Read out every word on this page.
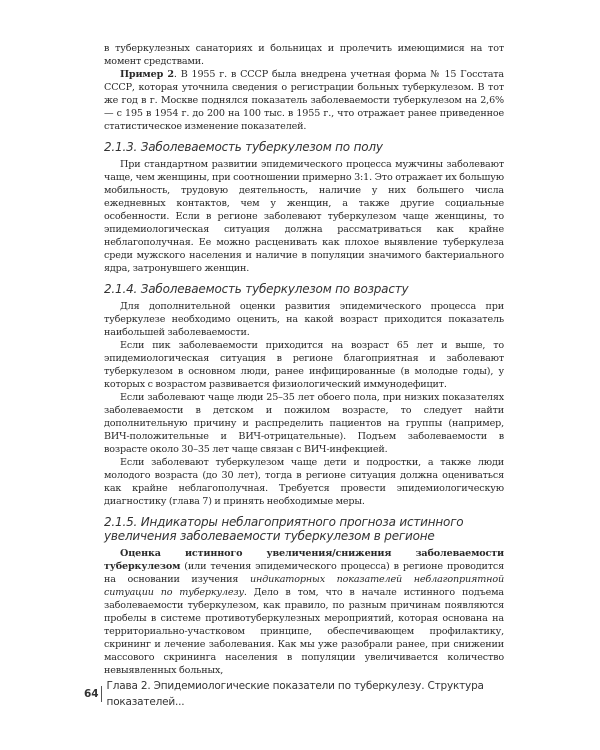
в туберкулезных санаториях и больницах и пролечить имеющимися на тот момент средствами.

Пример 2. В 1955 г. в СССР была внедрена учетная форма № 15 Госстата СССР, которая уточнила сведения о регистрации больных туберкулезом. В тот же год в г. Москве поднялся показатель заболеваемости туберкулезом на 2,6% — с 195 в 1954 г. до 200 на 100 тыс. в 1955 г., что отражает ранее приведенное статистическое изменение показателей.

2.1.3. Заболеваемость туберкулезом по полу

При стандартном развитии эпидемического процесса мужчины заболевают чаще, чем женщины, при соотношении примерно 3:1. Это отражает их большую мобильность, трудовую деятельность, наличие у них большего числа ежедневных контактов, чем у женщин, а также другие социальные особенности. Если в регионе заболевают туберкулезом чаще женщины, то эпидемиологическая ситуация должна рассматриваться как крайне неблагополучная. Ее можно расценивать как плохое выявление туберкулеза среди мужского населения и наличие в популяции значимого бактериального ядра, затронувшего женщин.

2.1.4. Заболеваемость туберкулезом по возрасту

Для дополнительной оценки развития эпидемического процесса при туберкулезе необходимо оценить, на какой возраст приходится показатель наибольшей заболеваемости.

Если пик заболеваемости приходится на возраст 65 лет и выше, то эпидемиологическая ситуация в регионе благоприятная и заболевают туберкулезом в основном люди, ранее инфицированные (в молодые годы), у которых с возрастом развивается физиологический иммунодефицит.

Если заболевают чаще люди 25–35 лет обоего пола, при низких показателях заболеваемости в детском и пожилом возрасте, то следует найти дополнительную причину и распределить пациентов на группы (например, ВИЧ-положительные и ВИЧ-отрицательные). Подъем заболеваемости в возрасте около 30–35 лет чаще связан с ВИЧ-инфекцией.

Если заболевают туберкулезом чаще дети и подростки, а также люди молодого возраста (до 30 лет), тогда в регионе ситуация должна оцениваться как крайне неблагополучная. Требуется провести эпидемиологическую диагностику (глава 7) и принять необходимые меры.

2.1.5. Индикаторы неблагоприятного прогноза истинного увеличения заболеваемости туберкулезом в регионе

Оценка истинного увеличения/снижения заболеваемости туберкулезом (или течения эпидемического процесса) в регионе проводится на основании изучения индикаторных показателей неблагоприятной ситуации по туберкулезу. Дело в том, что в начале истинного подъема заболеваемости туберкулезом, как правило, по разным причинам появляются пробелы в системе противотуберкулезных мероприятий, которая основана на территориально-участковом принципе, обеспечивающем профилактику, скрининг и лечение заболевания. Как мы уже разобрали ранее, при снижении массового скрининга населения в популяции увеличивается количество невыявленных больных,

64
Глава 2. Эпидемиологические показатели по туберкулезу. Структура показателей...
